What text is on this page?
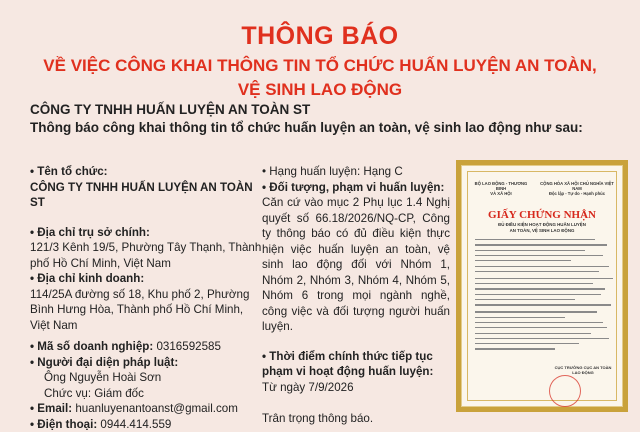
THÔNG BÁO
VỀ VIỆC CÔNG KHAI THÔNG TIN TỔ CHỨC HUẤN LUYỆN AN TOÀN,
VỆ SINH LAO ĐỘNG
CÔNG TY TNHH HUẤN LUYỆN AN TOÀN ST
Thông báo công khai thông tin tổ chức huấn luyện an toàn, vệ sinh lao động như sau:
• Tên tổ chức:
CÔNG TY TNHH HUẤN LUYỆN AN TOÀN ST
• Địa chỉ trụ sở chính:
121/3 Kênh 19/5, Phường Tây Thạnh, Thành phố Hồ Chí Minh, Việt Nam
• Địa chỉ kinh doanh:
114/25A đường số 18, Khu phố 2, Phường Bình Hưng Hòa, Thành phố Hồ Chí Minh, Việt Nam
• Mã số doanh nghiệp: 0316592585
• Người đại diện pháp luật:
Ông Nguyễn Hoài Sơn
Chức vụ: Giám đốc
• Email: huanluyenantoanst@gmail.com
• Điện thoại: 0944.414.559
• Hạng huấn luyện: Hạng C
• Đối tượng, phạm vi huấn luyện:
Căn cứ vào mục 2 Phụ lục 1.4 Nghị quyết số 66.18/2026/NQ-CP, Công ty thông báo có đủ điều kiện thực hiện việc huấn luyện an toàn, vệ sinh lao động đối với Nhóm 1, Nhóm 2, Nhóm 3, Nhóm 4, Nhóm 5, Nhóm 6 trong mọi ngành nghề, công việc và đối tượng người huấn luyện.
• Thời điểm chính thức tiếp tục phạm vi hoạt động huấn luyện: Từ ngày 7/9/2026
Trân trọng thông báo.
BỘ LAO ĐỘNG - THƯƠNG BINH
VÀ XÃ HỘI
CỘNG HÒA XÃ HỘI CHỦ NGHĨA VIỆT NAM
Độc lập - Tự do - Hạnh phúc
GIẤY CHỨNG NHẬN
ĐỦ ĐIỀU KIỆN HOẠT ĐỘNG HUẤN LUYỆN
AN TOÀN, VỆ SINH LAO ĐỘNG
CỤC TRƯỞNG CỤC AN TOÀN LAO ĐỘNG
